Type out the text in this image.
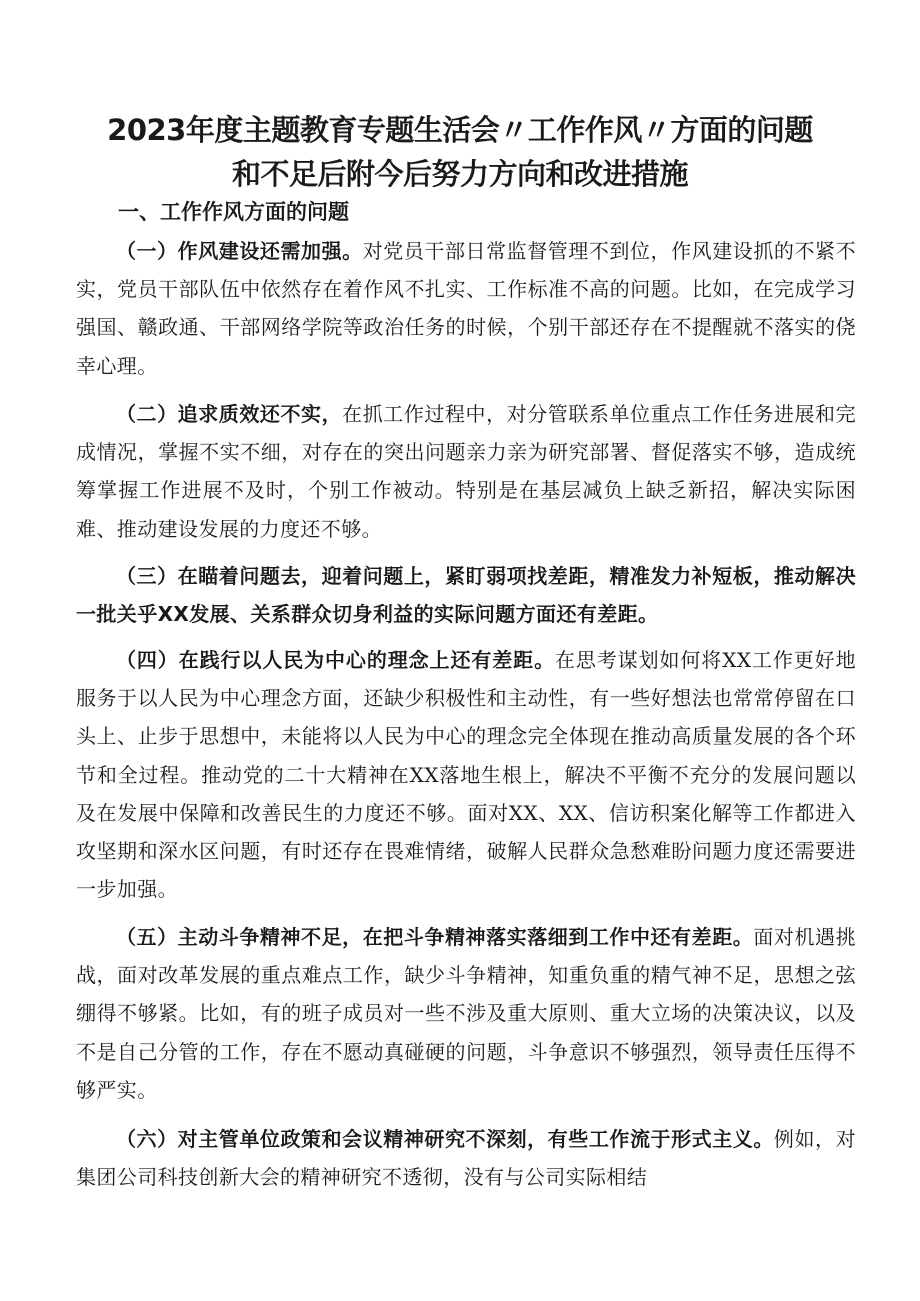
2023年度主题教育专题生活会〃工作作风〃方面的问题
和不足后附今后努力方向和改进措施
一、工作作风方面的问题

（一）作风建设还需加强。对党员干部日常监督管理不到位，作风建设抓的不紧不实，党员干部队伍中依然存在着作风不扎实、工作标准不高的问题。比如，在完成学习强国、赣政通、干部网络学院等政治任务的时候，个别干部还存在不提醒就不落实的侥幸心理。

（二）追求质效还不实，在抓工作过程中，对分管联系单位重点工作任务进展和完成情况，掌握不实不细，对存在的突出问题亲力亲为研究部署、督促落实不够，造成统筹掌握工作进展不及时，个别工作被动。特别是在基层减负上缺乏新招，解决实际困难、推动建设发展的力度还不够。

（三）在瞄着问题去，迎着问题上，紧盯弱项找差距，精准发力补短板，推动解决一批关乎XX发展、关系群众切身利益的实际问题方面还有差距。

（四）在践行以人民为中心的理念上还有差距。在思考谋划如何将XX工作更好地服务于以人民为中心理念方面，还缺少积极性和主动性，有一些好想法也常常停留在口头上、止步于思想中，未能将以人民为中心的理念完全体现在推动高质量发展的各个环节和全过程。推动党的二十大精神在XX落地生根上，解决不平衡不充分的发展问题以及在发展中保障和改善民生的力度还不够。面对XX、XX、信访积案化解等工作都进入攻坚期和深水区问题，有时还存在畏难情绪，破解人民群众急愁难盼问题力度还需要进一步加强。

（五）主动斗争精神不足，在把斗争精神落实落细到工作中还有差距。面对机遇挑战，面对改革发展的重点难点工作，缺少斗争精神，知重负重的精气神不足，思想之弦绷得不够紧。比如，有的班子成员对一些不涉及重大原则、重大立场的决策决议，以及不是自己分管的工作，存在不愿动真碰硬的问题，斗争意识不够强烈，领导责任压得不够严实。

（六）对主管单位政策和会议精神研究不深刻，有些工作流于形式主义。例如，对集团公司科技创新大会的精神研究不透彻，没有与公司实际相结
